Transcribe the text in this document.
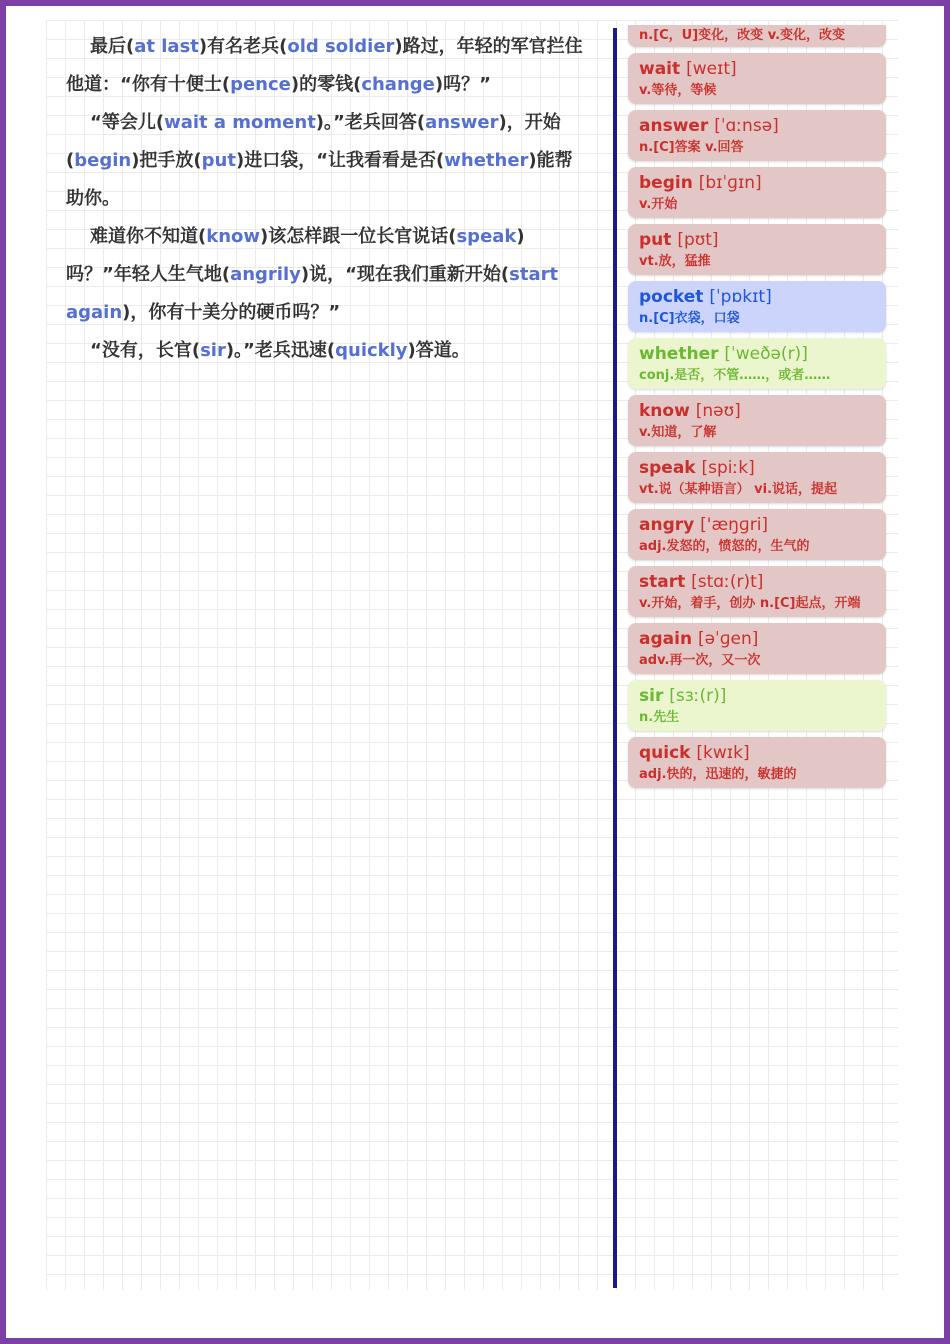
最后(at last)有名老兵(old soldier)路过，年轻的军官拦住他道：“你有十便士(pence)的零钱(change)吗？”

“等会儿(wait a moment)。”老兵回答(answer)，开始(begin)把手放(put)进口袋，“让我看看是否(whether)能帮助你。

难道你不知道(know)该怎样跟一位长官说话(speak)吗？”年轻人生气地(angrily)说，“现在我们重新开始(start again)，你有十美分的硬币吗？”

“没有，长官(sir)。”老兵迅速(quickly)答道。

n.[C，U]变化，改变 v.变化，改变
wait [weɪt]
v.等待，等候
answer [ˈɑːnsə]
n.[C]答案 v.回答
begin [bɪˈɡɪn]
v.开始
put [pʊt]
vt.放，猛推
pocket [ˈpɒkɪt]
n.[C]衣袋，口袋
whether [ˈweðə(r)]
conj.是否，不管……，或者……
know [nəʊ]
v.知道，了解
speak [spiːk]
vt.说（某种语言） vi.说话，提起
angry ['æŋɡri]
adj.发怒的，愤怒的，生气的
start [stɑː(r)t]
v.开始，着手，创办 n.[C]起点，开端
again [əˈɡen]
adv.再一次，又一次
sir [sɜː(r)]
n.先生
quick [kwɪk]
adj.快的，迅速的，敏捷的
